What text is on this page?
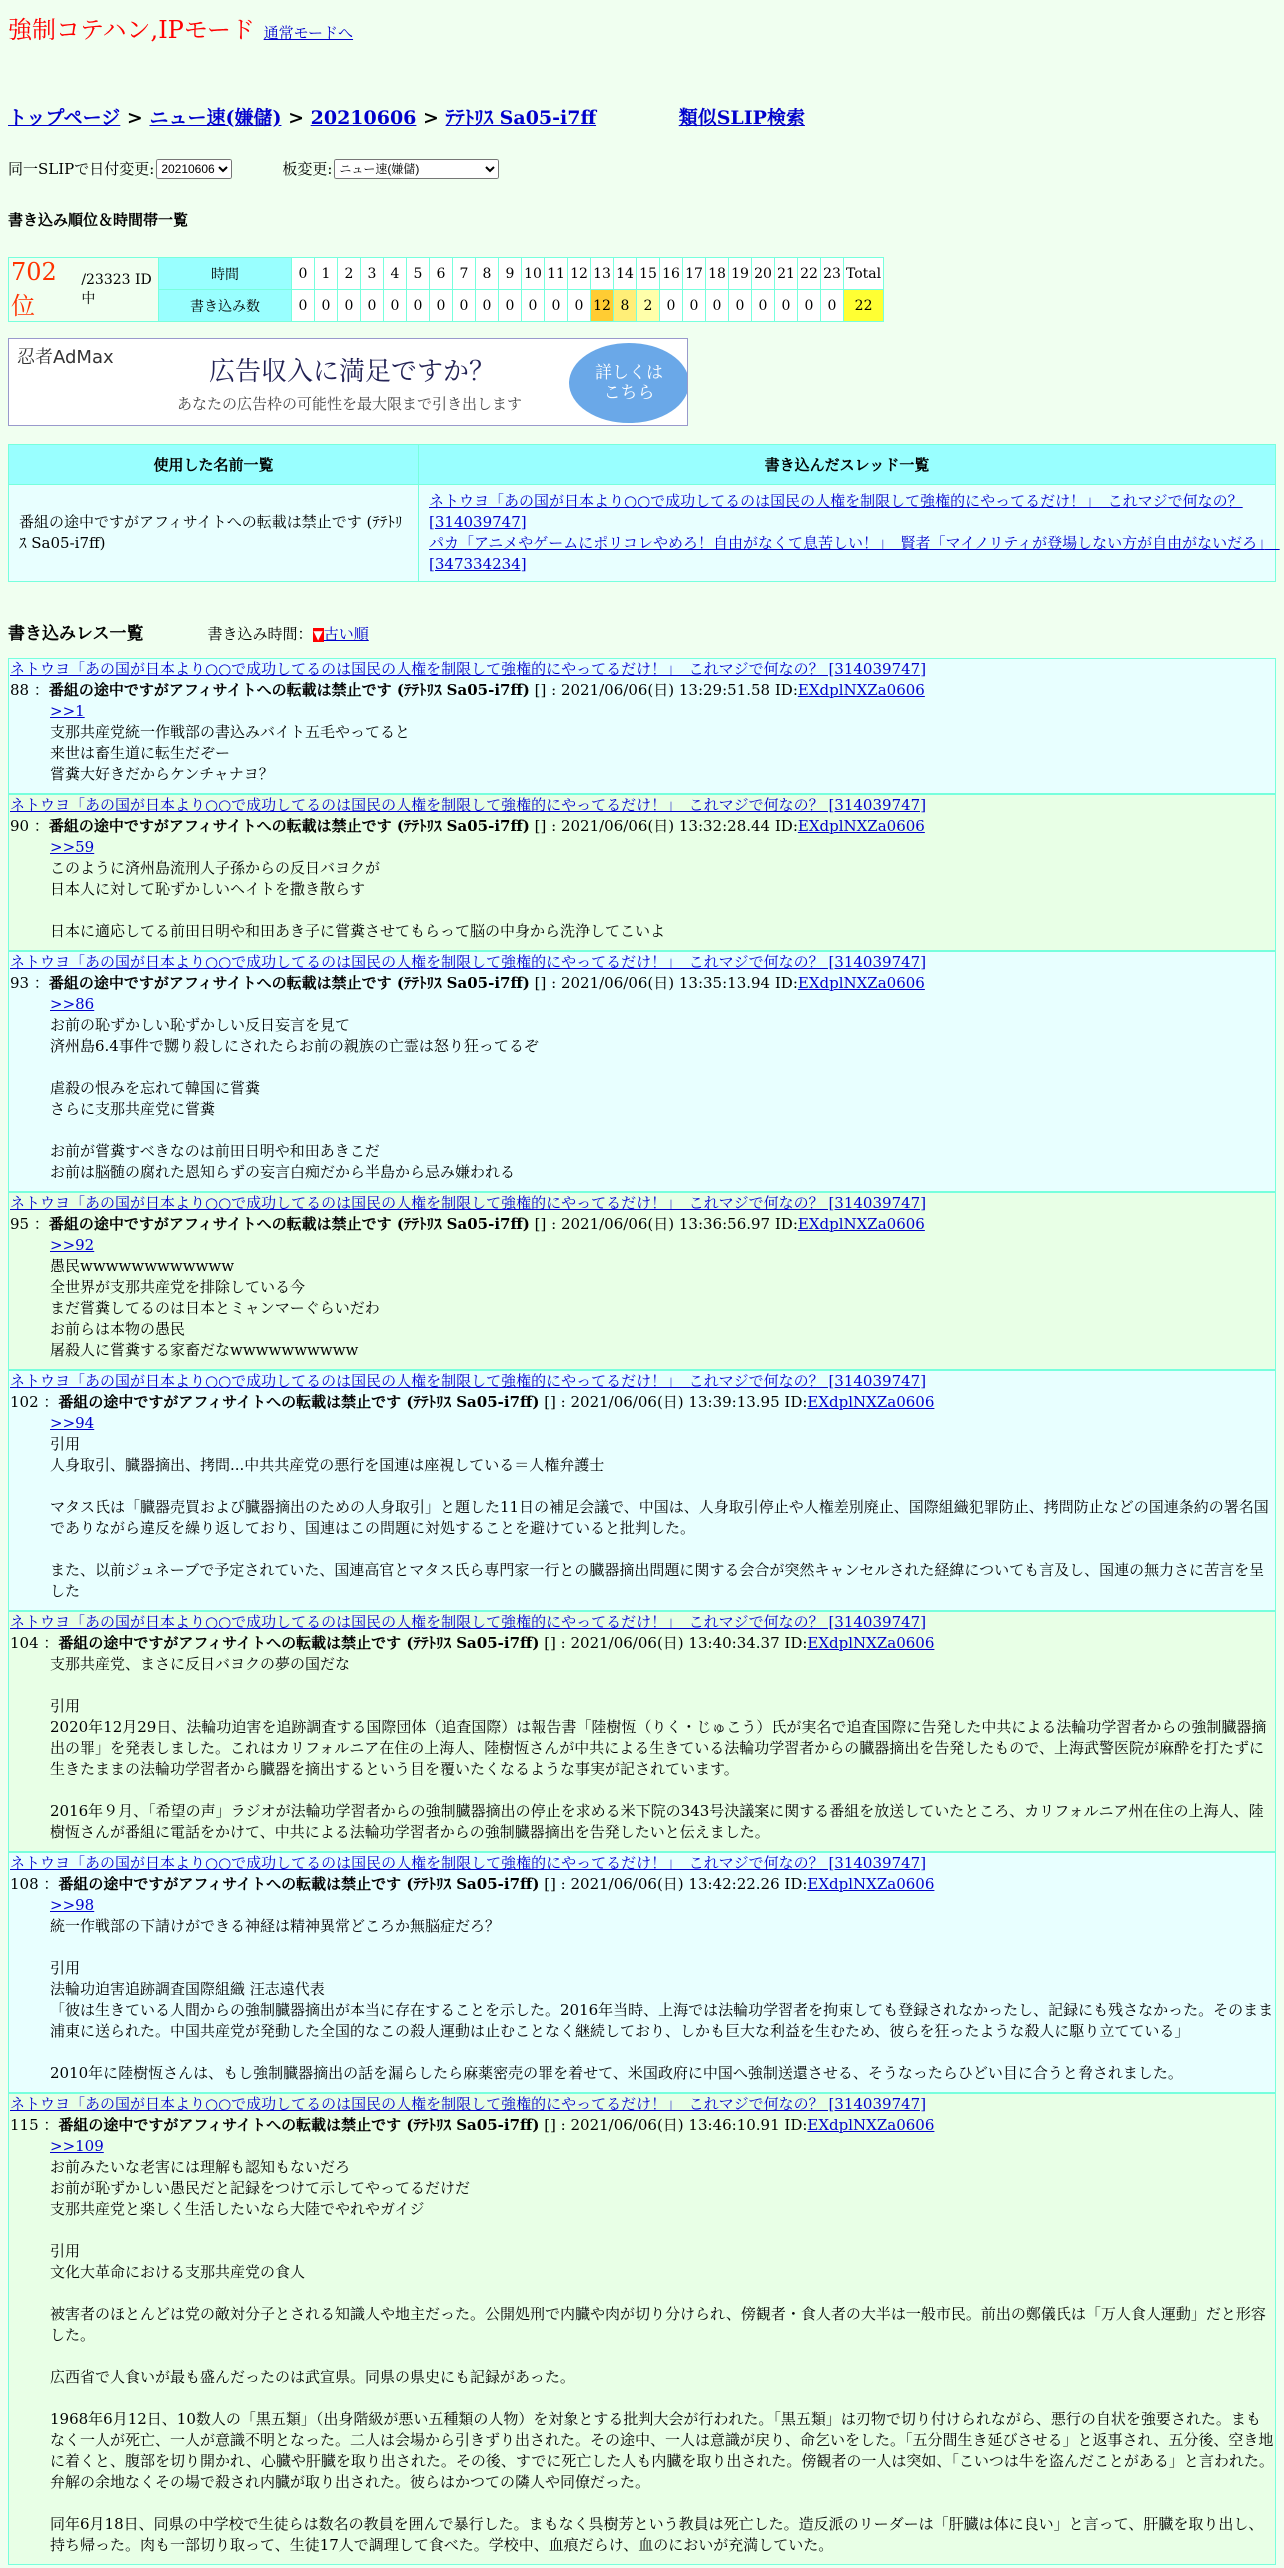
強制コテハン,IPモード 通常モードへ
トップページ > ニュー速(嫌儲) > 20210606 > ﾃﾃﾄﾘｽ Sa05-i7ff	類似SLIP検索
同一SLIPで日付変更:
20210606	板変更:
ニュー速(嫌儲)
書き込み順位＆時間帯一覧
702 位
/23323 ID中
時間	0	1	2	3	4	5	6	7	8	9	10	11	12	13	14	15	16	17	18	19	20	21	22	23	Total
書き込み数	0	0	0	0	0	0	0	0	0	0	0	0	0	12	8	2	0	0	0	0	0	0	0	0	22
忍者AdMax	広告収入に満足ですか？
あなたの広告枠の可能性を最大限まで引き出します
詳しくは
こちら
使用した名前一覧	書き込んだスレッド一覧
番組の途中ですがアフィサイトへの転載は禁止です (ﾃﾃﾄﾘｽ Sa05-i7ff)	ネトウヨ「あの国が日本より○○で成功してるのは国民の人権を制限して強権的にやってるだけ！」　これマジで何なの？ [314039747]
パカ「アニメやゲームにポリコレやめろ！自由がなくて息苦しい！」　賢者「マイノリティが登場しない方が自由がないだろ」　[347334234]
書き込みレス一覧	書き込み時間：▼古い順
ネトウヨ「あの国が日本より○○で成功してるのは国民の人権を制限して強権的にやってるだけ！」　これマジで何なの？ [314039747]
88 ：番組の途中ですがアフィサイトへの転載は禁止です (ﾃﾃﾄﾘｽ Sa05-i7ff) [] : 2021/06/06(日) 13:29:51.58 ID:EXdplNXZa0606

>>1

支那共産党統一作戦部の書込みバイト五毛やってると

来世は畜生道に転生だぞー

嘗糞大好きだからケンチャナヨ？

ネトウヨ「あの国が日本より○○で成功してるのは国民の人権を制限して強権的にやってるだけ！」　これマジで何なの？ [314039747]
90 ：番組の途中ですがアフィサイトへの転載は禁止です (ﾃﾃﾄﾘｽ Sa05-i7ff) [] : 2021/06/06(日) 13:32:28.44 ID:EXdplNXZa0606

>>59

このように済州島流刑人子孫からの反日バヨクが

日本人に対して恥ずかしいヘイトを撒き散らす

日本に適応してる前田日明や和田あき子に嘗糞させてもらって脳の中身から洗浄してこいよ

ネトウヨ「あの国が日本より○○で成功してるのは国民の人権を制限して強権的にやってるだけ！」　これマジで何なの？ [314039747]
93 ：番組の途中ですがアフィサイトへの転載は禁止です (ﾃﾃﾄﾘｽ Sa05-i7ff) [] : 2021/06/06(日) 13:35:13.94 ID:EXdplNXZa0606

>>86

お前の恥ずかしい恥ずかしい反日妄言を見て

済州島6.4事件で嬲り殺しにされたらお前の親族の亡霊は怒り狂ってるぞ

虐殺の恨みを忘れて韓国に嘗糞

さらに支那共産党に嘗糞

お前が嘗糞すべきなのは前田日明や和田あきこだ

お前は脳髄の腐れた恩知らずの妄言白痴だから半島から忌み嫌われる

ネトウヨ「あの国が日本より○○で成功してるのは国民の人権を制限して強権的にやってるだけ！」　これマジで何なの？ [314039747]
95 ：番組の途中ですがアフィサイトへの転載は禁止です (ﾃﾃﾄﾘｽ Sa05-i7ff) [] : 2021/06/06(日) 13:36:56.97 ID:EXdplNXZa0606

>>92

愚民wwwwwwwwwwww

全世界が支那共産党を排除している今

まだ嘗糞してるのは日本とミャンマーぐらいだわ

お前らは本物の愚民

屠殺人に嘗糞する家畜だなwwwwwwwwww

ネトウヨ「あの国が日本より○○で成功してるのは国民の人権を制限して強権的にやってるだけ！」　これマジで何なの？ [314039747]
102 ：番組の途中ですがアフィサイトへの転載は禁止です (ﾃﾃﾄﾘｽ Sa05-i7ff) [] : 2021/06/06(日) 13:39:13.95 ID:EXdplNXZa0606

>>94

引用

人身取引、臓器摘出、拷問...中共共産党の悪行を国連は座視している＝人権弁護士

マタス氏は「臓器売買および臓器摘出のための人身取引」と題した11日の補足会議で、中国は、人身取引停止や人権差別廃止、国際組織犯罪防止、拷問防止などの国連条約の署名国でありながら違反を繰り返しており、国連はこの問題に対処することを避けていると批判した。

また、以前ジュネーブで予定されていた、国連高官とマタス氏ら専門家一行との臓器摘出問題に関する会合が突然キャンセルされた経緯についても言及し、国連の無力さに苦言を呈した

ネトウヨ「あの国が日本より○○で成功してるのは国民の人権を制限して強権的にやってるだけ！」　これマジで何なの？ [314039747]
104 ：番組の途中ですがアフィサイトへの転載は禁止です (ﾃﾃﾄﾘｽ Sa05-i7ff) [] : 2021/06/06(日) 13:40:34.37 ID:EXdplNXZa0606

支那共産党、まさに反日バヨクの夢の国だな

引用

2020年12月29日、法輪功迫害を追跡調査する国際団体（追査国際）は報告書「陸樹恆（りく・じゅこう）氏が実名で追査国際に告発した中共による法輪功学習者からの強制臓器摘出の罪」を発表しました。これはカリフォルニア在住の上海人、陸樹恆さんが中共による生きている法輪功学習者からの臓器摘出を告発したもので、上海武警医院が麻酔を打たずに生きたままの法輪功学習者から臓器を摘出するという目を覆いたくなるような事実が記されています。

2016年９月、「希望の声」ラジオが法輪功学習者からの強制臓器摘出の停止を求める米下院の343号決議案に関する番組を放送していたところ、カリフォルニア州在住の上海人、陸樹恆さんが番組に電話をかけて、中共による法輪功学習者からの強制臓器摘出を告発したいと伝えました。

ネトウヨ「あの国が日本より○○で成功してるのは国民の人権を制限して強権的にやってるだけ！」　これマジで何なの？ [314039747]
108 ：番組の途中ですがアフィサイトへの転載は禁止です (ﾃﾃﾄﾘｽ Sa05-i7ff) [] : 2021/06/06(日) 13:42:22.26 ID:EXdplNXZa0606

>>98

統一作戦部の下請けができる神経は精神異常どころか無脳症だろ？

引用

法輪功迫害追跡調査国際組織 汪志遠代表

「彼は生きている人間からの強制臓器摘出が本当に存在することを示した。2016年当時、上海では法輪功学習者を拘束しても登録されなかったし、記録にも残さなかった。そのまま浦東に送られた。中国共産党が発動した全国的なこの殺人運動は止むことなく継続しており、しかも巨大な利益を生むため、彼らを狂ったような殺人に駆り立てている」

2010年に陸樹恆さんは、もし強制臓器摘出の話を漏らしたら麻薬密売の罪を着せて、米国政府に中国へ強制送還させる、そうなったらひどい目に合うと脅されました。

ネトウヨ「あの国が日本より○○で成功してるのは国民の人権を制限して強権的にやってるだけ！」　これマジで何なの？ [314039747]
115 ：番組の途中ですがアフィサイトへの転載は禁止です (ﾃﾃﾄﾘｽ Sa05-i7ff) [] : 2021/06/06(日) 13:46:10.91 ID:EXdplNXZa0606

>>109

お前みたいな老害には理解も認知もないだろ

お前が恥ずかしい愚民だと記録をつけて示してやってるだけだ

支那共産党と楽しく生活したいなら大陸でやれやガイジ

引用

文化大革命における支那共産党の食人

被害者のほとんどは党の敵対分子とされる知識人や地主だった。公開処刑で内臓や肉が切り分けられ、傍観者・食人者の大半は一般市民。前出の鄭儀氏は「万人食人運動」だと形容した。

広西省で人食いが最も盛んだったのは武宣県。同県の県史にも記録があった。

1968年6月12日、10数人の「黒五類」（出身階級が悪い五種類の人物）を対象とする批判大会が行われた。「黒五類」は刃物で切り付けられながら、悪行の自状を強要された。まもなく一人が死亡、一人が意識不明となった。二人は会場から引きずり出された。その途中、一人は意識が戻り、命乞いをした。「五分間生き延びさせる」と返事され、五分後、空き地に着くと、腹部を切り開かれ、心臓や肝臓を取り出された。その後、すでに死亡した人も内臓を取り出された。傍観者の一人は突如、「こいつは牛を盗んだことがある」と言われた。弁解の余地なくその場で殺され内臓が取り出された。彼らはかつての隣人や同僚だった。

同年6月18日、同県の中学校で生徒らは数名の教員を囲んで暴行した。まもなく呉樹芳という教員は死亡した。造反派のリーダーは「肝臓は体に良い」と言って、肝臓を取り出し、持ち帰った。肉も一部切り取って、生徒17人で調理して食べた。学校中、血痕だらけ、血のにおいが充満していた。
